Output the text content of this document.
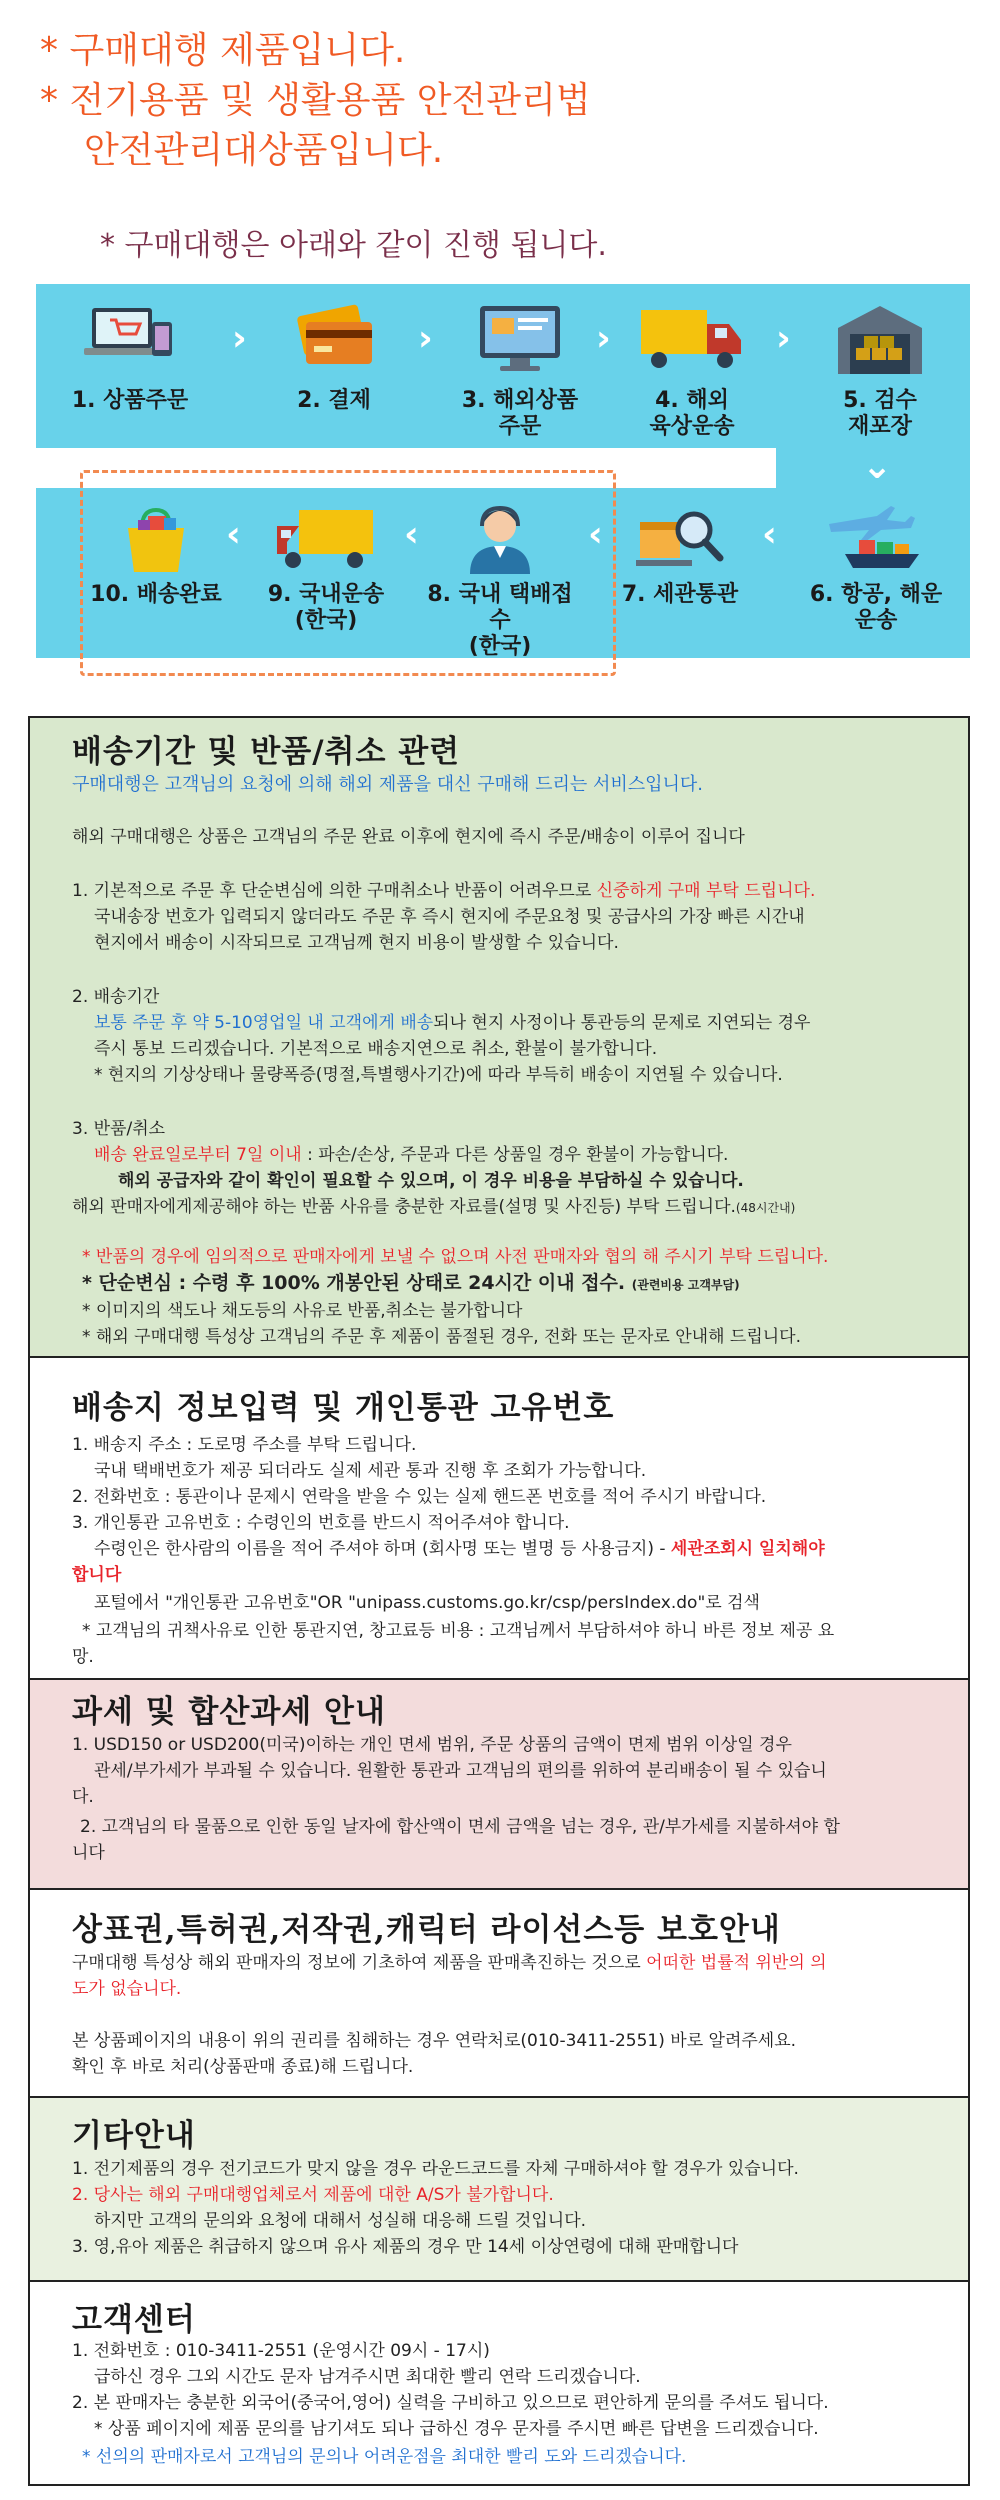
* 구매대행 제품입니다.
* 전기용품 및 생활용품 안전관리법
안전관리대상품입니다.
* 구매대행은 아래와 같이 진행 됩니다.
1. 상품주문
›
2. 결제
›
3. 해외상품
주문
›
4. 해외
육상운송
›
5. 검수
재포장
⌄
6. 항공, 해운
운송
‹
7. 세관통관
‹
8. 국내 택배접수
(한국)
‹
9. 국내운송
(한국)
‹
10. 배송완료
배송기간 및 반품/취소 관련
구매대행은 고객님의 요청에 의해 해외 제품을 대신 구매해 드리는 서비스입니다.
해외 구매대행은 상품은 고객님의 주문 완료 이후에 현지에 즉시 주문/배송이 이루어 집니다
1. 기본적으로 주문 후 단순변심에 의한 구매취소나 반품이 어려우므로 신중하게 구매 부탁 드립니다.
국내송장 번호가 입력되지 않더라도 주문 후 즉시 현지에 주문요청 및 공급사의 가장 빠른 시간내
현지에서 배송이 시작되므로 고객님께 현지 비용이 발생할 수 있습니다.
2. 배송기간
보통 주문 후 약 5-10영업일 내 고객에게 배송되나 현지 사정이나 통관등의 문제로 지연되는 경우
즉시 통보 드리겠습니다. 기본적으로 배송지연으로 취소, 환불이 불가합니다.
* 현지의 기상상태나 물량폭증(명절,특별행사기간)에 따라 부득히 배송이 지연될 수 있습니다.
3. 반품/취소
배송 완료일로부터 7일 이내 : 파손/손상, 주문과 다른 상품일 경우 환불이 가능합니다.
해외 공급자와 같이 확인이 필요할 수 있으며, 이 경우 비용을 부담하실 수 있습니다.
해외 판매자에게제공해야 하는 반품 사유를 충분한 자료를(설명 및 사진등) 부탁 드립니다.(48시간내)
* 반품의 경우에 임의적으로 판매자에게 보낼 수 없으며 사전 판매자와 협의 해 주시기 부탁 드립니다.
* 단순변심 : 수령 후 100% 개봉안된 상태로 24시간 이내 접수. (관련비용 고객부담)
* 이미지의 색도나 채도등의 사유로 반품,취소는 불가합니다
* 해외 구매대행 특성상 고객님의 주문 후 제품이 품절된 경우, 전화 또는 문자로 안내해 드립니다.
배송지 정보입력 및 개인통관 고유번호
1. 배송지 주소 : 도로명 주소를 부탁 드립니다.
국내 택배번호가 제공 되더라도 실제 세관 통과 진행 후 조회가 가능합니다.
2. 전화번호 : 통관이나 문제시 연락을 받을 수 있는 실제 핸드폰 번호를 적어 주시기 바랍니다.
3. 개인통관 고유번호 : 수령인의 번호를 반드시 적어주셔야 합니다.
수령인은 한사람의 이름을 적어 주셔야 하며 (회사명 또는 별명 등 사용금지) - 세관조회시 일치해야
합니다
포털에서 "개인통관 고유번호"OR "unipass.customs.go.kr/csp/persIndex.do"로 검색
* 고객님의 귀책사유로 인한 통관지연, 창고료등 비용 : 고객님께서 부담하셔야 하니 바른 정보 제공 요
망.
과세 및 합산과세 안내
1. USD150 or USD200(미국)이하는 개인 면세 범위, 주문 상품의 금액이 면제 범위 이상일 경우
관세/부가세가 부과될 수 있습니다. 원활한 통관과 고객님의 편의를 위하여 분리배송이 될 수 있습니
다.
2. 고객님의 타 물품으로 인한 동일 날자에 합산액이 면세 금액을 넘는 경우, 관/부가세를 지불하셔야 합
니다
상표권,특허권,저작권,캐릭터 라이선스등 보호안내
구매대행 특성상 해외 판매자의 정보에 기초하여 제품을 판매촉진하는 것으로 어떠한 법률적 위반의 의
도가 없습니다.
본 상품페이지의 내용이 위의 권리를 침해하는 경우 연락처로(010-3411-2551) 바로 알려주세요.
확인 후 바로 처리(상품판매 종료)해 드립니다.
기타안내
1. 전기제품의 경우 전기코드가 맞지 않을 경우 라운드코드를 자체 구매하셔야 할 경우가 있습니다.
2. 당사는 해외 구매대행업체로서 제품에 대한 A/S가 불가합니다.
하지만 고객의 문의와 요청에 대해서 성실해 대응해 드릴 것입니다.
3. 영,유아 제품은 취급하지 않으며 유사 제품의 경우 만 14세 이상연령에 대해 판매합니다
고객센터
1. 전화번호 : 010-3411-2551 (운영시간 09시 - 17시)
급하신 경우 그외 시간도 문자 남겨주시면 최대한 빨리 연락 드리겠습니다.
2. 본 판매자는 충분한 외국어(중국어,영어) 실력을 구비하고 있으므로 편안하게 문의를 주셔도 됩니다.
* 상품 페이지에 제품 문의를 남기셔도 되나 급하신 경우 문자를 주시면 빠른 답변을 드리겠습니다.
* 선의의 판매자로서 고객님의 문의나 어려운점을 최대한 빨리 도와 드리겠습니다.
